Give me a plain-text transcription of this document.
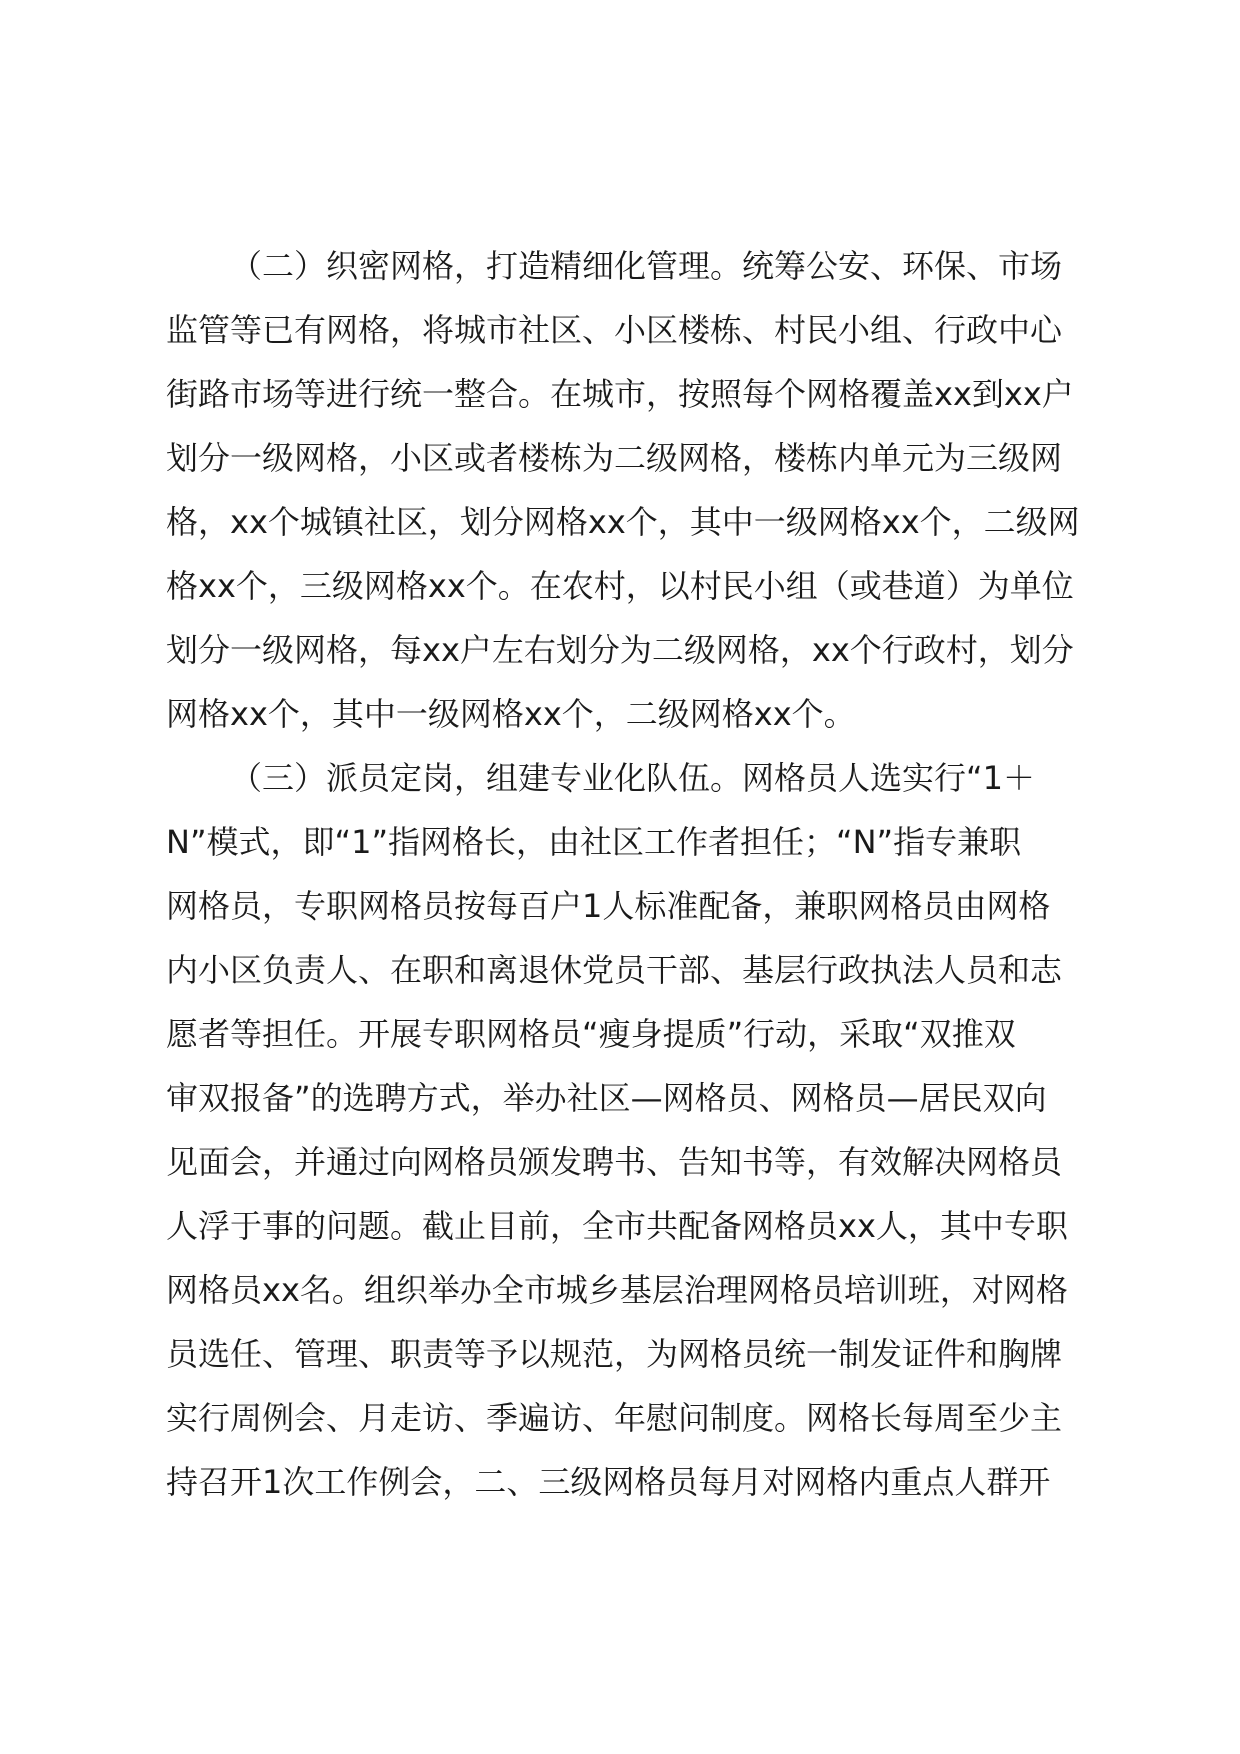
（二）织密网格，打造精细化管理。统筹公安、环保、市场

监管等已有网格，将城市社区、小区楼栋、村民小组、行政中心

街路市场等进行统一整合。在城市，按照每个网格覆盖xx到xx户

划分一级网格，小区或者楼栋为二级网格，楼栋内单元为三级网

格，xx个城镇社区，划分网格xx个，其中一级网格xx个，二级网

格xx个，三级网格xx个。在农村，以村民小组（或巷道）为单位

划分一级网格，每xx户左右划分为二级网格，xx个行政村，划分

网格xx个，其中一级网格xx个，二级网格xx个。

（三）派员定岗，组建专业化队伍。网格员人选实行“1＋

N”模式，即“1”指网格长，由社区工作者担任；“N”指专兼职

网格员，专职网格员按每百户1人标准配备，兼职网格员由网格

内小区负责人、在职和离退休党员干部、基层行政执法人员和志

愿者等担任。开展专职网格员“瘦身提质”行动，采取“双推双

审双报备”的选聘方式，举办社区—网格员、网格员—居民双向

见面会，并通过向网格员颁发聘书、告知书等，有效解决网格员

人浮于事的问题。截止目前，全市共配备网格员xx人，其中专职

网格员xx名。组织举办全市城乡基层治理网格员培训班，对网格

员选任、管理、职责等予以规范，为网格员统一制发证件和胸牌

实行周例会、月走访、季遍访、年慰问制度。网格长每周至少主

持召开1次工作例会，二、三级网格员每月对网格内重点人群开
